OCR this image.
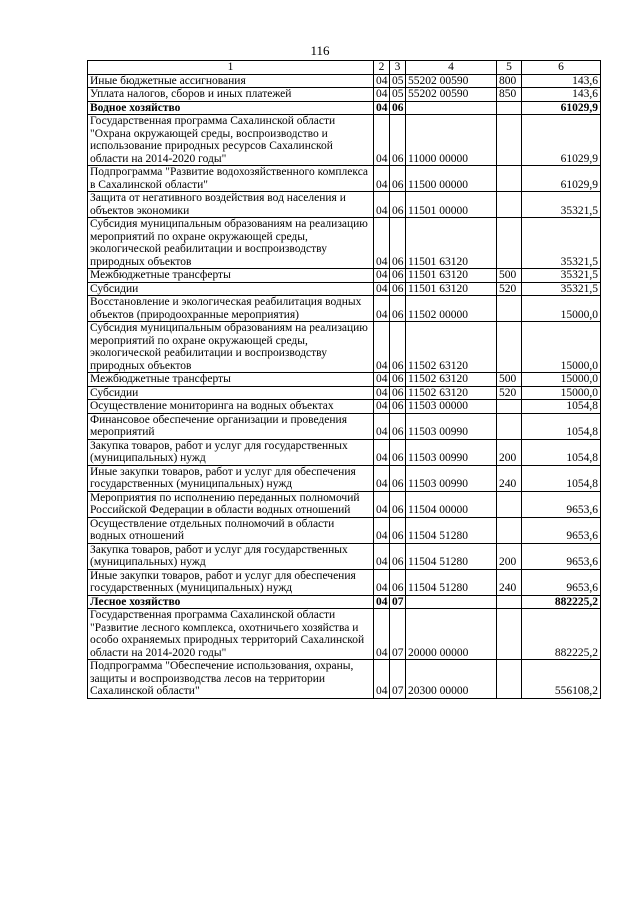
116
1	2	3	4	5	6
Иные бюджетные ассигнования	04	05	55202 00590	800	143,6
Уплата налогов, сборов и иных платежей	04	05	55202 00590	850	143,6
Водное хозяйство	04	06			61029,9
Государственная программа Сахалинской области "Охрана окружающей среды, воспроизводство и использование природных ресурсов Сахалинской области на 2014-2020 годы"	04	06	11000 00000		61029,9
Подпрограмма "Развитие водохозяйственного комплекса в Сахалинской области"	04	06	11500 00000		61029,9
Защита от негативного воздействия вод населения и объектов экономики	04	06	11501 00000		35321,5
Субсидия муниципальным образованиям на реализацию мероприятий по охране окружающей среды, экологической реабилитации и воспроизводству природных объектов	04	06	11501 63120		35321,5
Межбюджетные трансферты	04	06	11501 63120	500	35321,5
Субсидии	04	06	11501 63120	520	35321,5
Восстановление и экологическая реабилитация водных объектов (природоохранные мероприятия)	04	06	11502 00000		15000,0
Субсидия муниципальным образованиям на реализацию мероприятий по охране окружающей среды, экологической реабилитации и воспроизводству природных объектов	04	06	11502 63120		15000,0
Межбюджетные трансферты	04	06	11502 63120	500	15000,0
Субсидии	04	06	11502 63120	520	15000,0
Осуществление мониторинга на водных объектах	04	06	11503 00000		1054,8
Финансовое обеспечение организации и проведения мероприятий	04	06	11503 00990		1054,8
Закупка товаров, работ и услуг для государственных (муниципальных) нужд	04	06	11503 00990	200	1054,8
Иные закупки товаров, работ и услуг для обеспечения государственных (муниципальных) нужд	04	06	11503 00990	240	1054,8
Мероприятия по исполнению переданных полномочий Российской Федерации в области водных отношений	04	06	11504 00000		9653,6
Осуществление отдельных полномочий в области водных отношений	04	06	11504 51280		9653,6
Закупка товаров, работ и услуг для государственных (муниципальных) нужд	04	06	11504 51280	200	9653,6
Иные закупки товаров, работ и услуг для обеспечения государственных (муниципальных) нужд	04	06	11504 51280	240	9653,6
Лесное хозяйство	04	07			882225,2
Государственная программа Сахалинской области "Развитие лесного комплекса, охотничьего хозяйства и особо охраняемых природных территорий Сахалинской области на 2014-2020 годы"	04	07	20000 00000		882225,2
Подпрограмма "Обеспечение использования, охраны, защиты и воспроизводства лесов на территории Сахалинской области"	04	07	20300 00000		556108,2
